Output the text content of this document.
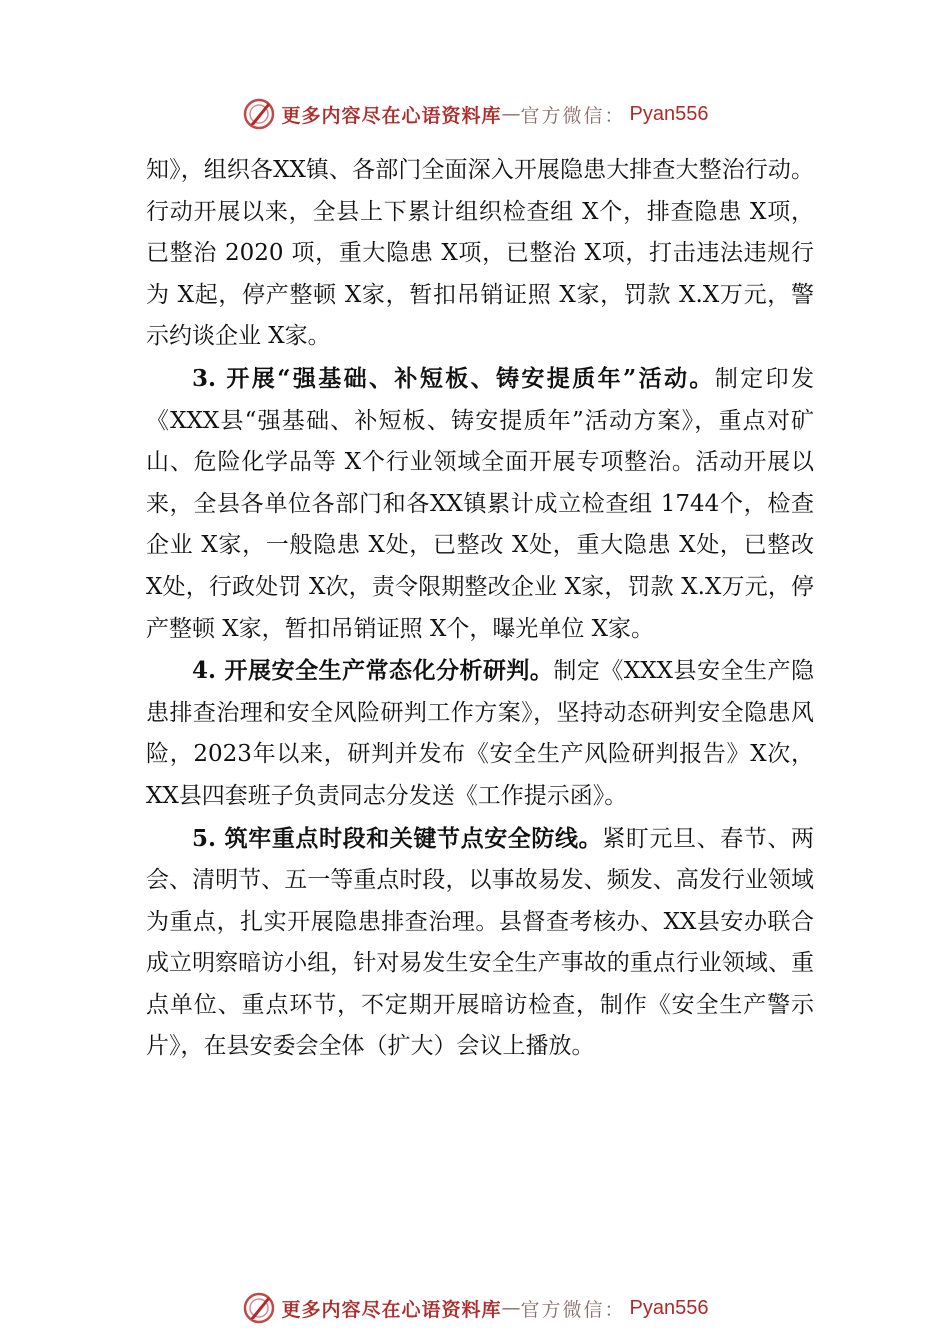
更多内容尽在心语资料库 — 官方微信： Pyan556

知》，组织各XX镇、各部门全面深入开展隐患大排查大整治行动。行动开展以来，全县上下累计组织检查组 X个，排查隐患 X项，已整治 2020 项，重大隐患 X项，已整治 X项，打击违法违规行为 X起，停产整顿 X家，暂扣吊销证照 X家，罚款 X.X万元，警示约谈企业 X家。

3. 开展“强基础、补短板、铸安提质年”活动。制定印发《XXX县“强基础、补短板、铸安提质年”活动方案》，重点对矿山、危险化学品等 X个行业领域全面开展专项整治。活动开展以来，全县各单位各部门和各XX镇累计成立检查组 1744个，检查企业 X家，一般隐患 X处，已整改 X处，重大隐患 X处，已整改 X处，行政处罚 X次，责令限期整改企业 X家，罚款 X.X万元，停产整顿 X家，暂扣吊销证照 X个，曝光单位 X家。

4. 开展安全生产常态化分析研判。制定《XXX县安全生产隐患排查治理和安全风险研判工作方案》，坚持动态研判安全隐患风险，2023年以来，研判并发布《安全生产风险研判报告》X次，XX县四套班子负责同志分发送《工作提示函》。

5. 筑牢重点时段和关键节点安全防线。紧盯元旦、春节、两会、清明节、五一等重点时段，以事故易发、频发、高发行业领域为重点，扎实开展隐患排查治理。县督查考核办、XX县安办联合成立明察暗访小组，针对易发生安全生产事故的重点行业领域、重点单位、重点环节，不定期开展暗访检查，制作《安全生产警示片》，在县安委会全体（扩大）会议上播放。

更多内容尽在心语资料库 — 官方微信： Pyan556
